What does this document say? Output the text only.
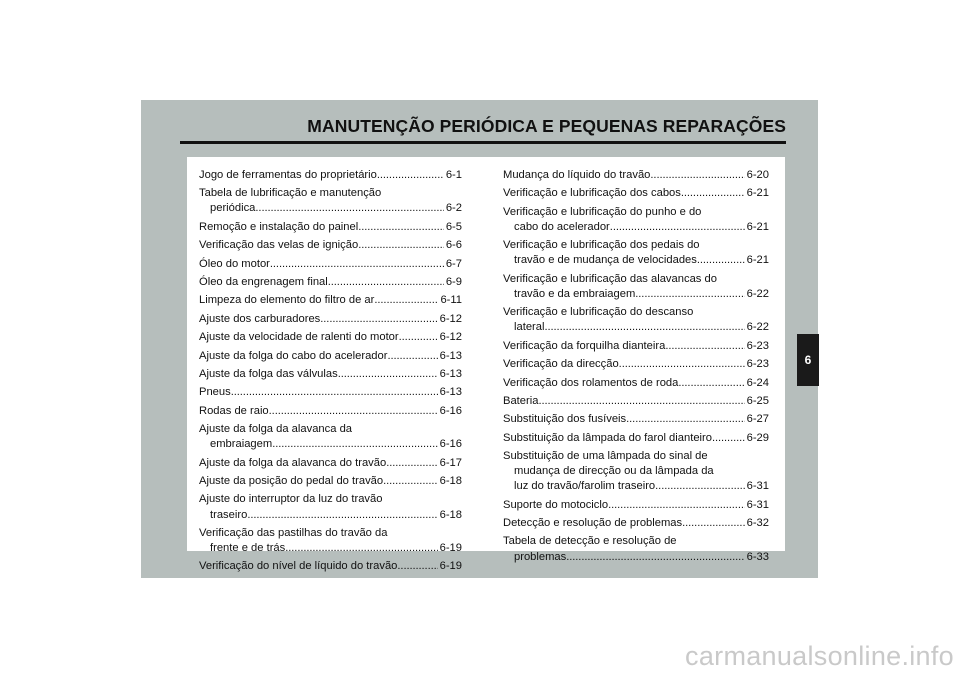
MANUTENÇÃO PERIÓDICA E PEQUENAS REPARAÇÕES
Jogo de ferramentas do proprietário . . .	6-1
Tabela de lubrificação e manutenção
periódica . . .	6-2
Remoção e instalação do painel . . .	6-5
Verificação das velas de ignição . . .	6-6
Óleo do motor . . .	6-7
Óleo da engrenagem final . . .	6-9
Limpeza do elemento do filtro de ar . . .	6-11
Ajuste dos carburadores . . .	6-12
Ajuste da velocidade de ralenti do motor . . .	6-12
Ajuste da folga do cabo do acelerador . . .	6-13
Ajuste da folga das válvulas . . .	6-13
Pneus . . .	6-13
Rodas de raio . . .	6-16
Ajuste da folga da alavanca da
embraiagem . . .	6-16
Ajuste da folga da alavanca do travão . . .	6-17
Ajuste da posição do pedal do travão . . .	6-18
Ajuste do interruptor da luz do travão
traseiro . . .	6-18
Verificação das pastilhas do travão da
frente e de trás . . .	6-19
Verificação do nível de líquido do travão . . .	6-19
Mudança do líquido do travão . . .	6-20
Verificação e lubrificação dos cabos . . .	6-21
Verificação e lubrificação do punho e do
cabo do acelerador . . .	6-21
Verificação e lubrificação dos pedais do
travão e de mudança de velocidades . . .	6-21
Verificação e lubrificação das alavancas do
travão e da embraiagem . . .	6-22
Verificação e lubrificação do descanso
lateral . . .	6-22
Verificação da forquilha dianteira . . .	6-23
Verificação da direcção . . .	6-23
Verificação dos rolamentos de roda . . .	6-24
Bateria . . .	6-25
Substituição dos fusíveis . . .	6-27
Substituição da lâmpada do farol dianteiro . . .	6-29
Substituição de uma lâmpada do sinal de
mudança de direcção ou da lâmpada da
luz do travão/farolim traseiro . . .	6-31
Suporte do motociclo . . .	6-31
Detecção e resolução de problemas . . .	6-32
Tabela de detecção e resolução de
problemas . . .	6-33
6
carmanualsonline.info
